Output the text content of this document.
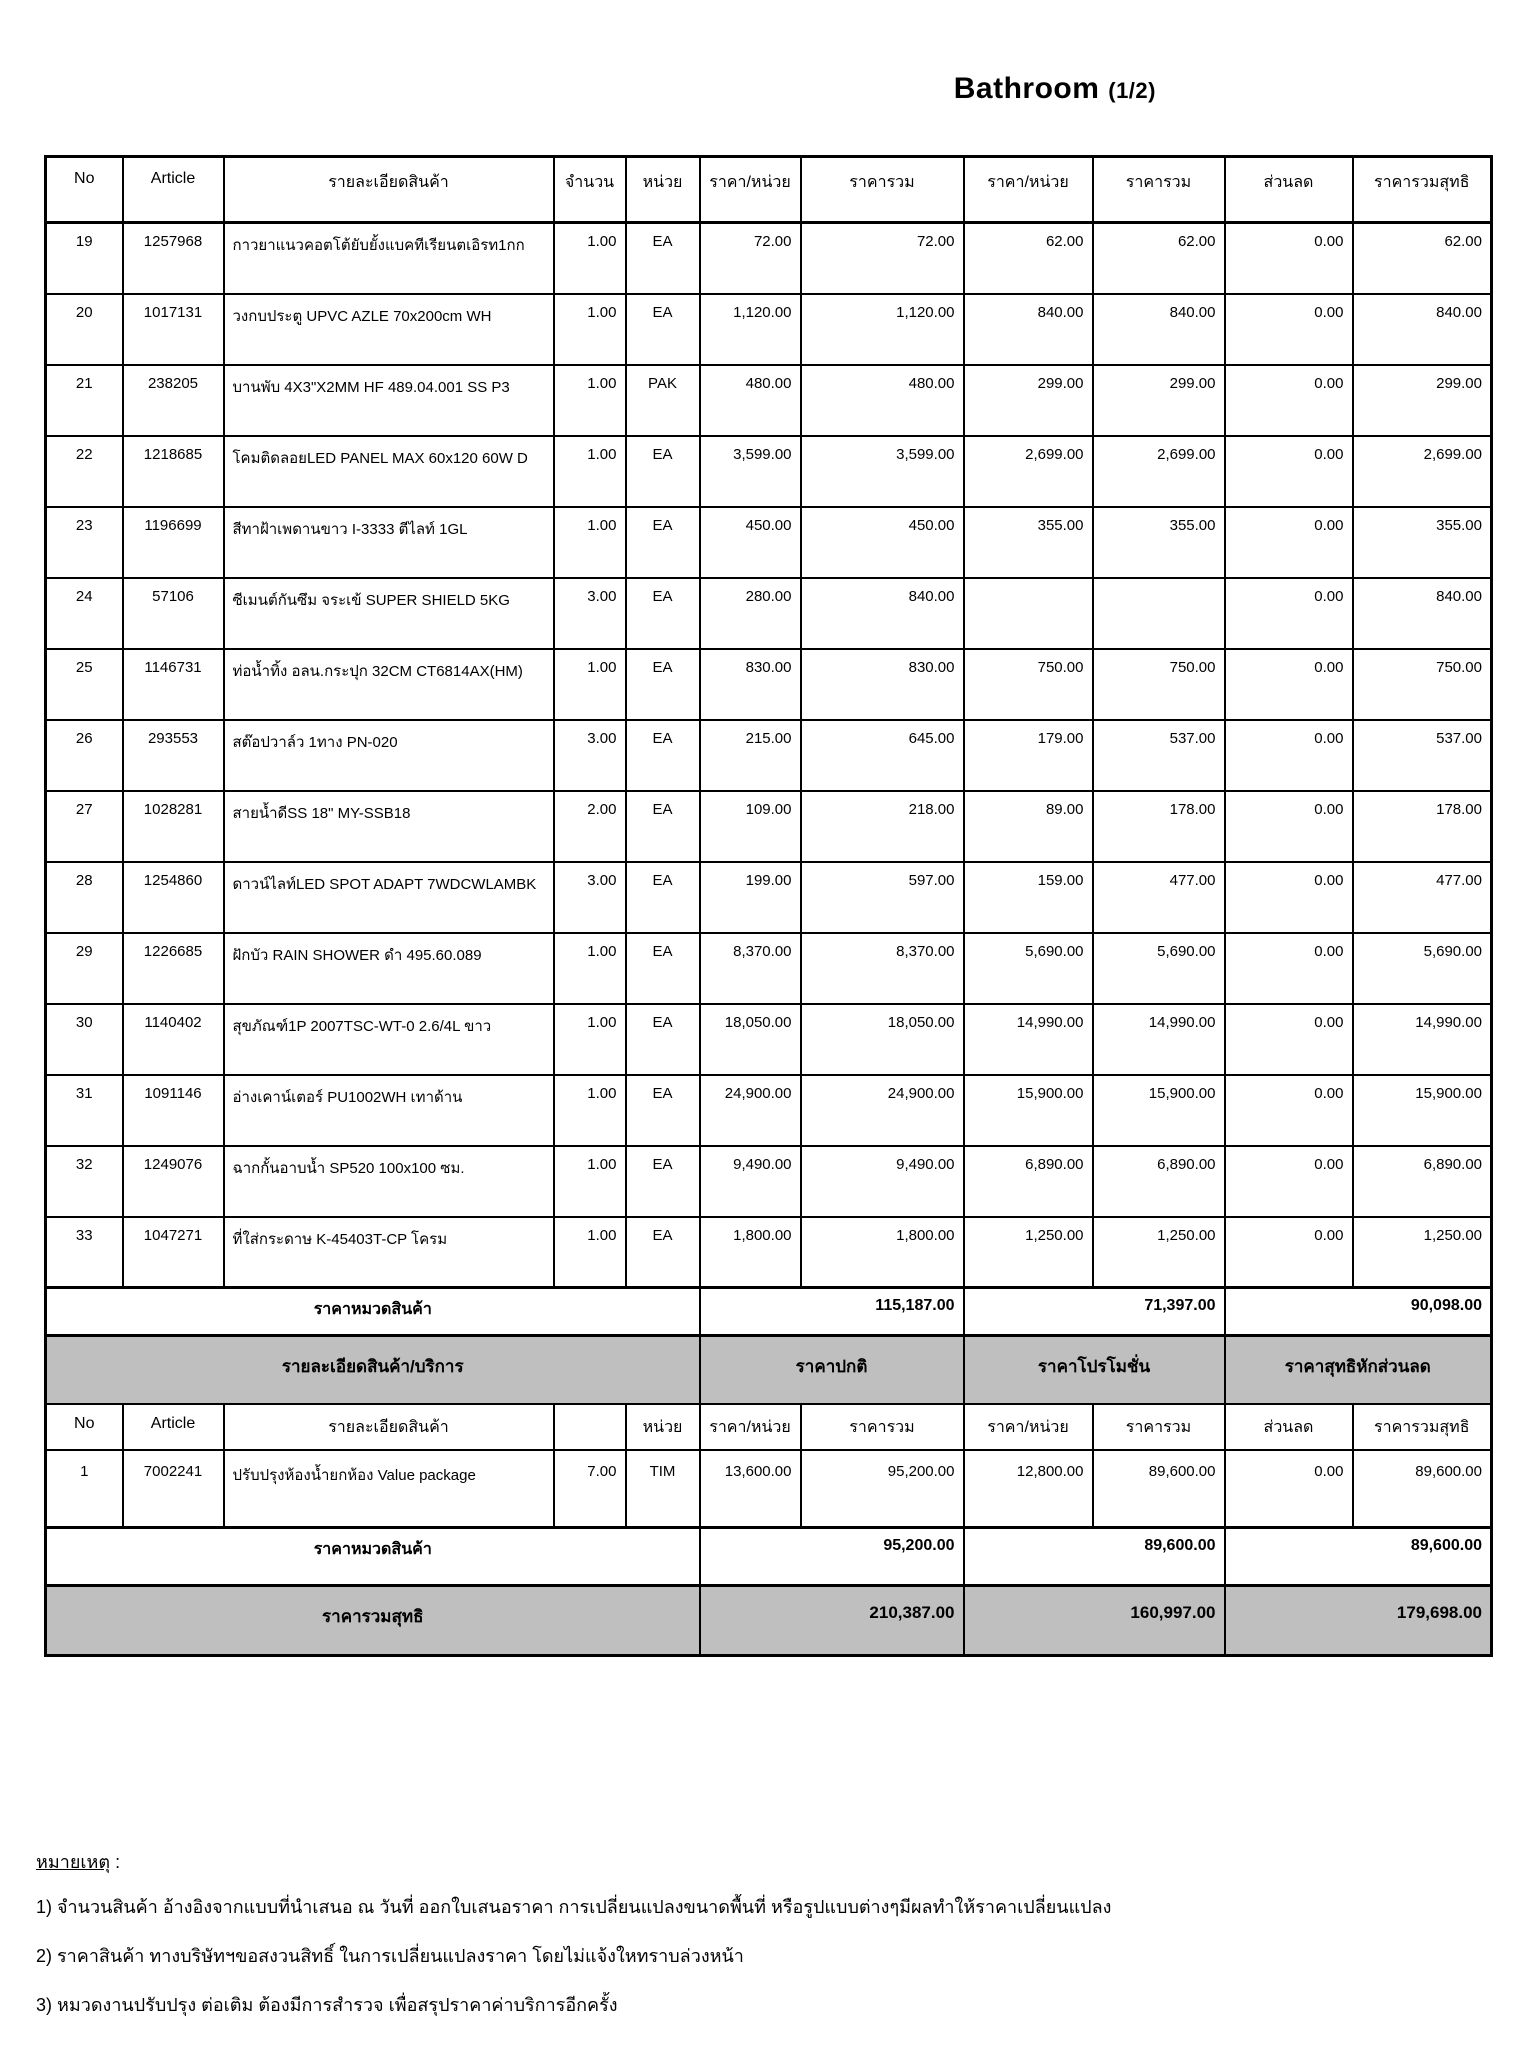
Bathroom (1/2)
No	Article	รายละเอียดสินค้า	จำนวน	หน่วย	ราคา/หน่วย	ราคารวม	ราคา/หน่วย	ราคารวม	ส่วนลด	ราคารวมสุทธิ
19	1257968	กาวยาแนวคอตโต้ยับยั้งแบคทีเรียนตเอิรท1กก	1.00	EA	72.00	72.00	62.00	62.00	0.00	62.00
20	1017131	วงกบประตู UPVC AZLE 70x200cm WH	1.00	EA	1,120.00	1,120.00	840.00	840.00	0.00	840.00
21	238205	บานพับ 4X3"X2MM HF 489.04.001 SS P3	1.00	PAK	480.00	480.00	299.00	299.00	0.00	299.00
22	1218685	โคมติดลอยLED PANEL MAX 60x120 60W D	1.00	EA	3,599.00	3,599.00	2,699.00	2,699.00	0.00	2,699.00
23	1196699	สีทาฝ้าเพดานขาว I-3333 ตีไลท์ 1GL	1.00	EA	450.00	450.00	355.00	355.00	0.00	355.00
24	57106	ซีเมนต์กันซึม จระเข้ SUPER SHIELD 5KG	3.00	EA	280.00	840.00			0.00	840.00
25	1146731	ท่อน้ำทิ้ง อลน.กระปุก 32CM CT6814AX(HM)	1.00	EA	830.00	830.00	750.00	750.00	0.00	750.00
26	293553	สต๊อปวาล์ว 1ทาง PN-020	3.00	EA	215.00	645.00	179.00	537.00	0.00	537.00
27	1028281	สายน้ำดีSS 18" MY-SSB18	2.00	EA	109.00	218.00	89.00	178.00	0.00	178.00
28	1254860	ดาวน์ไลท์LED SPOT ADAPT 7WDCWLAMBK	3.00	EA	199.00	597.00	159.00	477.00	0.00	477.00
29	1226685	ฝักบัว RAIN SHOWER ดำ 495.60.089	1.00	EA	8,370.00	8,370.00	5,690.00	5,690.00	0.00	5,690.00
30	1140402	สุขภัณฑ์1P 2007TSC-WT-0 2.6/4L ขาว	1.00	EA	18,050.00	18,050.00	14,990.00	14,990.00	0.00	14,990.00
31	1091146	อ่างเคาน์เตอร์ PU1002WH เทาด้าน	1.00	EA	24,900.00	24,900.00	15,900.00	15,900.00	0.00	15,900.00
32	1249076	ฉากกั้นอาบน้ำ SP520 100x100 ซม.	1.00	EA	9,490.00	9,490.00	6,890.00	6,890.00	0.00	6,890.00
33	1047271	ที่ใส่กระดาษ K-45403T-CP โครม	1.00	EA	1,800.00	1,800.00	1,250.00	1,250.00	0.00	1,250.00
ราคาหมวดสินค้า					115,187.00		71,397.00		90,098.00	
รายละเอียดสินค้า/บริการ					ราคาปกติ		ราคาโปรโมชั่น		ราคาสุทธิหักส่วนลด	
No	Article	รายละเอียดสินค้า		หน่วย	ราคา/หน่วย	ราคารวม	ราคา/หน่วย	ราคารวม	ส่วนลด	ราคารวมสุทธิ
1	7002241	ปรับปรุงห้องน้ำยกห้อง Value package	7.00	TIM	13,600.00	95,200.00	12,800.00	89,600.00	0.00	89,600.00
ราคาหมวดสินค้า					95,200.00		89,600.00		89,600.00	
ราคารวมสุทธิ					210,387.00		160,997.00		179,698.00	
หมายเหตุ :
1) จำนวนสินค้า อ้างอิงจากแบบที่นำเสนอ ณ วันที่ ออกใบเสนอราคา การเปลี่ยนแปลงขนาดพื้นที่ หรือรูปแบบต่างๆมีผลทำให้ราคาเปลี่ยนแปลง
2) ราคาสินค้า ทางบริษัทฯขอสงวนสิทธิ์ ในการเปลี่ยนแปลงราคา โดยไม่แจ้งใหทราบล่วงหน้า
3) หมวดงานปรับปรุง ต่อเติม ต้องมีการสำรวจ เพื่อสรุปราคาค่าบริการอีกครั้ง
